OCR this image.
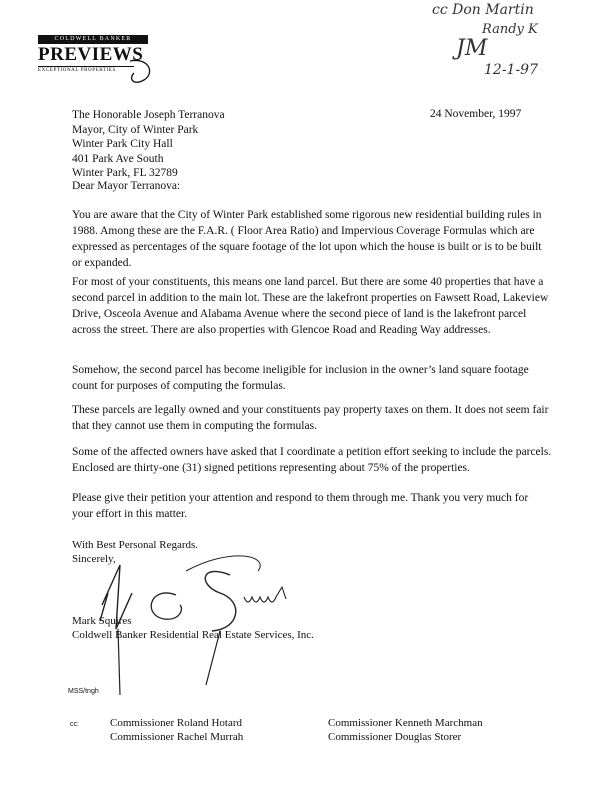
COLDWELL BANKER
PREVIEWS
EXCEPTIONAL PROPERTIES
cc Don Martin
Randy K
JM
12-1-97
The Honorable Joseph Terranova
Mayor, City of Winter Park
Winter Park City Hall
401 Park Ave South
Winter Park, FL 32789
24 November, 1997
Dear Mayor Terranova:
You are aware that the City of Winter Park established some rigorous new residential building rules in 1988. Among these are the F.A.R. ( Floor Area Ratio) and Impervious Coverage Formulas which are expressed as percentages of the square footage of the lot upon which the house is built or is to be built or expanded.
For most of your constituents, this means one land parcel. But there are some 40 properties that have a second parcel in addition to the main lot. These are the lakefront properties on Fawsett Road, Lakeview Drive, Osceola Avenue and Alabama Avenue where the second piece of land is the lakefront parcel across the street. There are also properties with Glencoe Road and Reading Way addresses.
Somehow, the second parcel has become ineligible for inclusion in the owner’s land square footage count for purposes of computing the formulas.
These parcels are legally owned and your constituents pay property taxes on them. It does not seem fair that they cannot use them in computing the formulas.
Some of the affected owners have asked that I coordinate a petition effort seeking to include the parcels. Enclosed are thirty-one (31) signed petitions representing about 75% of the properties.
Please give their petition your attention and respond to them through me. Thank you very much for your effort in this matter.
With Best Personal Regards.
Sincerely,
Mark Squires
Coldwell Banker Residential Real Estate Services, Inc.
MSS/tngh
cc:	Commissioner Roland Hotard
Commissioner Rachel Murrah
Commissioner Kenneth Marchman
Commissioner Douglas Storer
